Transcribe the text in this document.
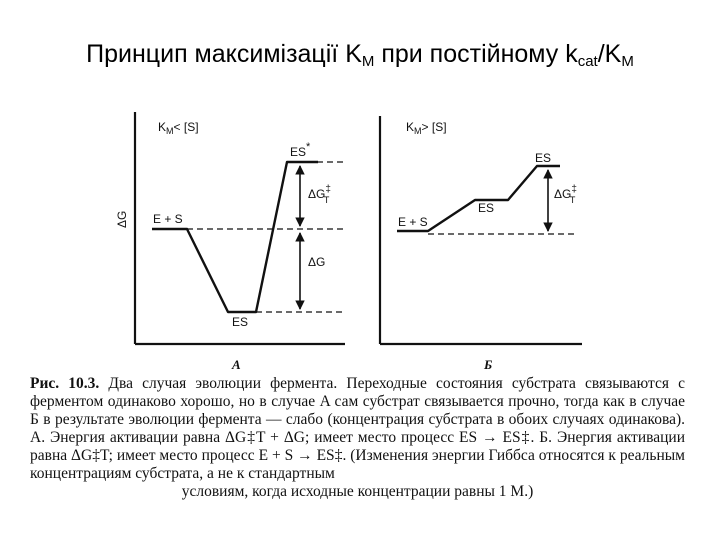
Принцип максимізації $K_M$ при постійному $k_{cat}/K_M$
$K_M< [S]$
ΔG
ES*
E + S
ES
ΔG‡ T
ΔG
A
$K_M> [S]$
ES
ES
E + S
ΔG‡ T
Б
Рис. 10.3. Два случая эволюции фермента. Переходные состояния субстрата связываются с ферментом одинаково хорошо, но в случае A сам субстрат связывается прочно, тогда как в случае Б в результате эволюции фермента — слабо (концентрация субстрата в обоих случаях одинакова). A. Энергия активации равна ΔG‡T + ΔG; имеет место процесс ES → ES‡. Б. Энергия активации равна ΔG‡T; имеет место процесс E + S → ES‡. (Изменения энергии Гиббса относятся к реальным концентрациям субстрата, а не к стандартным
условиям, когда исходные концентрации равны 1 M.)
